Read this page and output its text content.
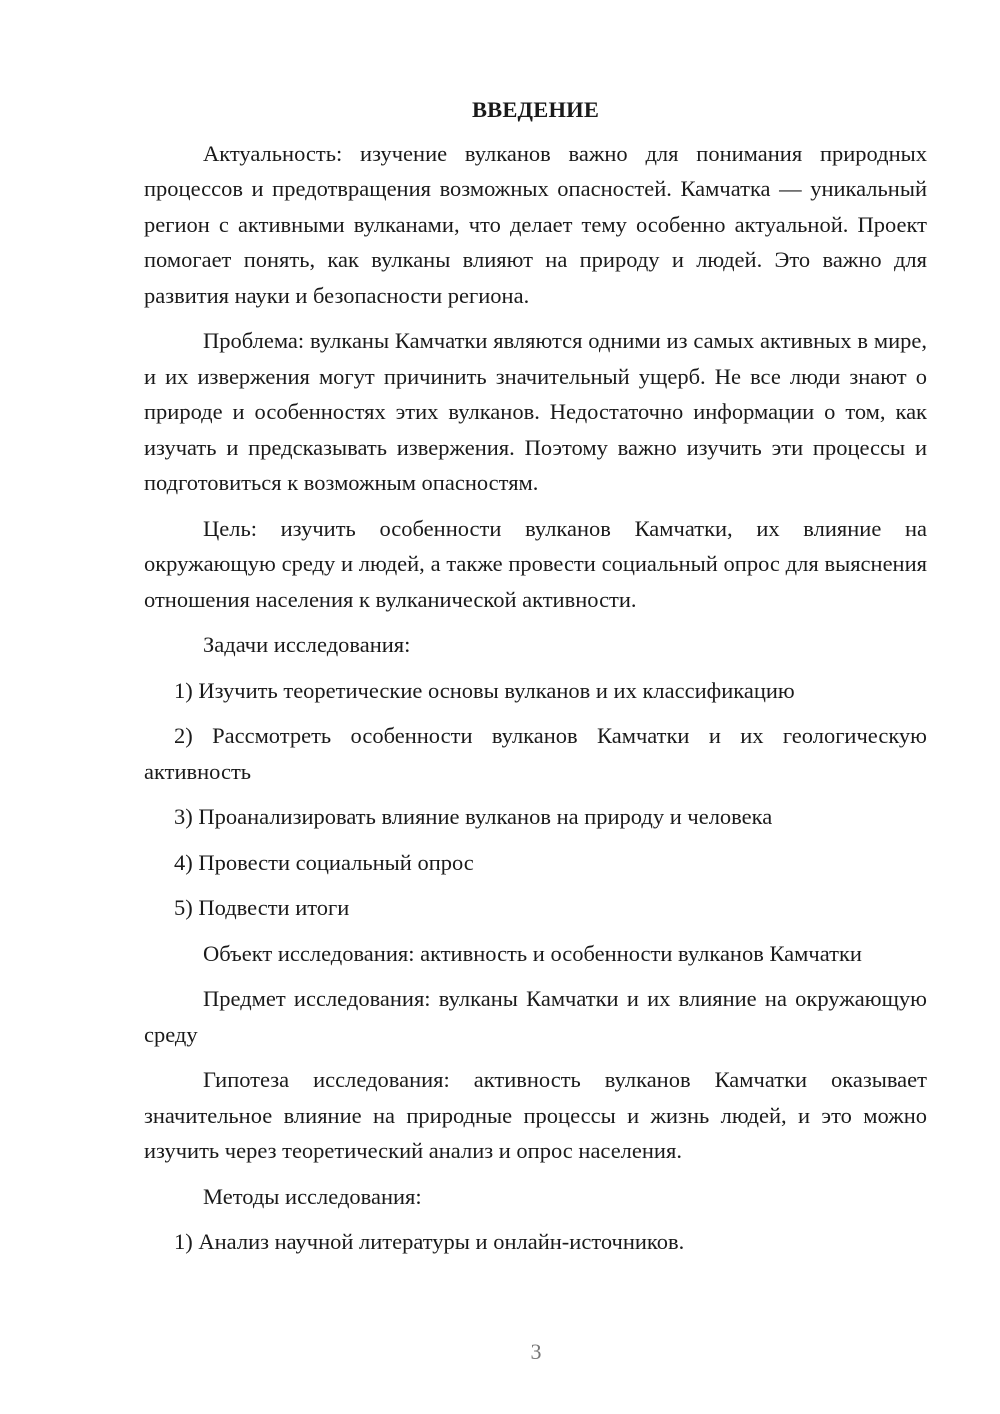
ВВЕДЕНИЕ

Актуальность: изучение вулканов важно для понимания природных процессов и предотвращения возможных опасностей. Камчатка — уникальный регион с активными вулканами, что делает тему особенно актуальной. Проект помогает понять, как вулканы влияют на природу и людей. Это важно для развития науки и безопасности региона.

Проблема: вулканы Камчатки являются одними из самых активных в мире, и их извержения могут причинить значительный ущерб. Не все люди знают о природе и особенностях этих вулканов. Недостаточно информации о том, как изучать и предсказывать извержения. Поэтому важно изучить эти процессы и подготовиться к возможным опасностям.

Цель: изучить особенности вулканов Камчатки, их влияние на окружающую среду и людей, а также провести социальный опрос для выяснения отношения населения к вулканической активности.

Задачи исследования:

1) Изучить теоретические основы вулканов и их классификацию

2) Рассмотреть особенности вулканов Камчатки и их геологическую активность

3) Проанализировать влияние вулканов на природу и человека

4) Провести социальный опрос

5) Подвести итоги

Объект исследования: активность и особенности вулканов Камчатки

Предмет исследования: вулканы Камчатки и их влияние на окружающую среду

Гипотеза исследования: активность вулканов Камчатки оказывает значительное влияние на природные процессы и жизнь людей, и это можно изучить через теоретический анализ и опрос населения.

Методы исследования:

1) Анализ научной литературы и онлайн-источников.

3
